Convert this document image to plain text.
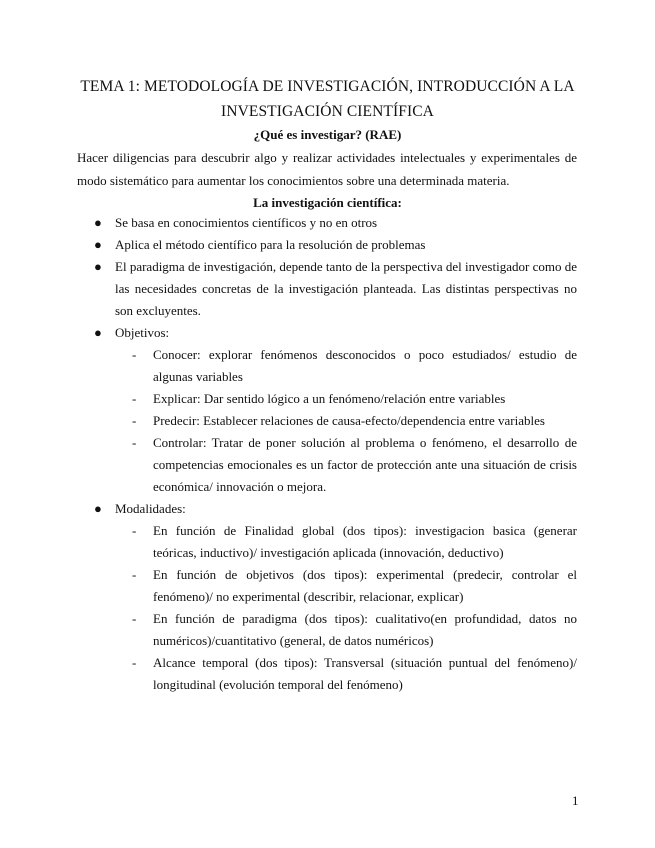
TEMA 1: METODOLOGÍA DE INVESTIGACIÓN, INTRODUCCIÓN A LA INVESTIGACIÓN CIENTÍFICA
¿Qué es investigar? (RAE)
Hacer diligencias para descubrir algo y realizar actividades intelectuales y experimentales de modo sistemático para aumentar los conocimientos sobre una determinada materia.
La investigación científica:
● Se basa en conocimientos científicos y no en otros
● Aplica el método científico para la resolución de problemas
● El paradigma de investigación, depende tanto de la perspectiva del investigador como de las necesidades concretas de la investigación planteada. Las distintas perspectivas no son excluyentes.
● Objetivos:
- Conocer: explorar fenómenos desconocidos o poco estudiados/ estudio de algunas variables
- Explicar: Dar sentido lógico a un fenómeno/relación entre variables
- Predecir: Establecer relaciones de causa-efecto/dependencia entre variables
- Controlar: Tratar de poner solución al problema o fenómeno, el desarrollo de competencias emocionales es un factor de protección ante una situación de crisis económica/ innovación o mejora.
● Modalidades:
- En función de Finalidad global (dos tipos): investigacion basica (generar teóricas, inductivo)/ investigación aplicada (innovación, deductivo)
- En función de objetivos (dos tipos): experimental (predecir, controlar el fenómeno)/ no experimental (describir, relacionar, explicar)
- En función de paradigma (dos tipos): cualitativo(en profundidad, datos no numéricos)/cuantitativo (general, de datos numéricos)
- Alcance temporal (dos tipos): Transversal (situación puntual del fenómeno)/ longitudinal (evolución temporal del fenómeno)
1
